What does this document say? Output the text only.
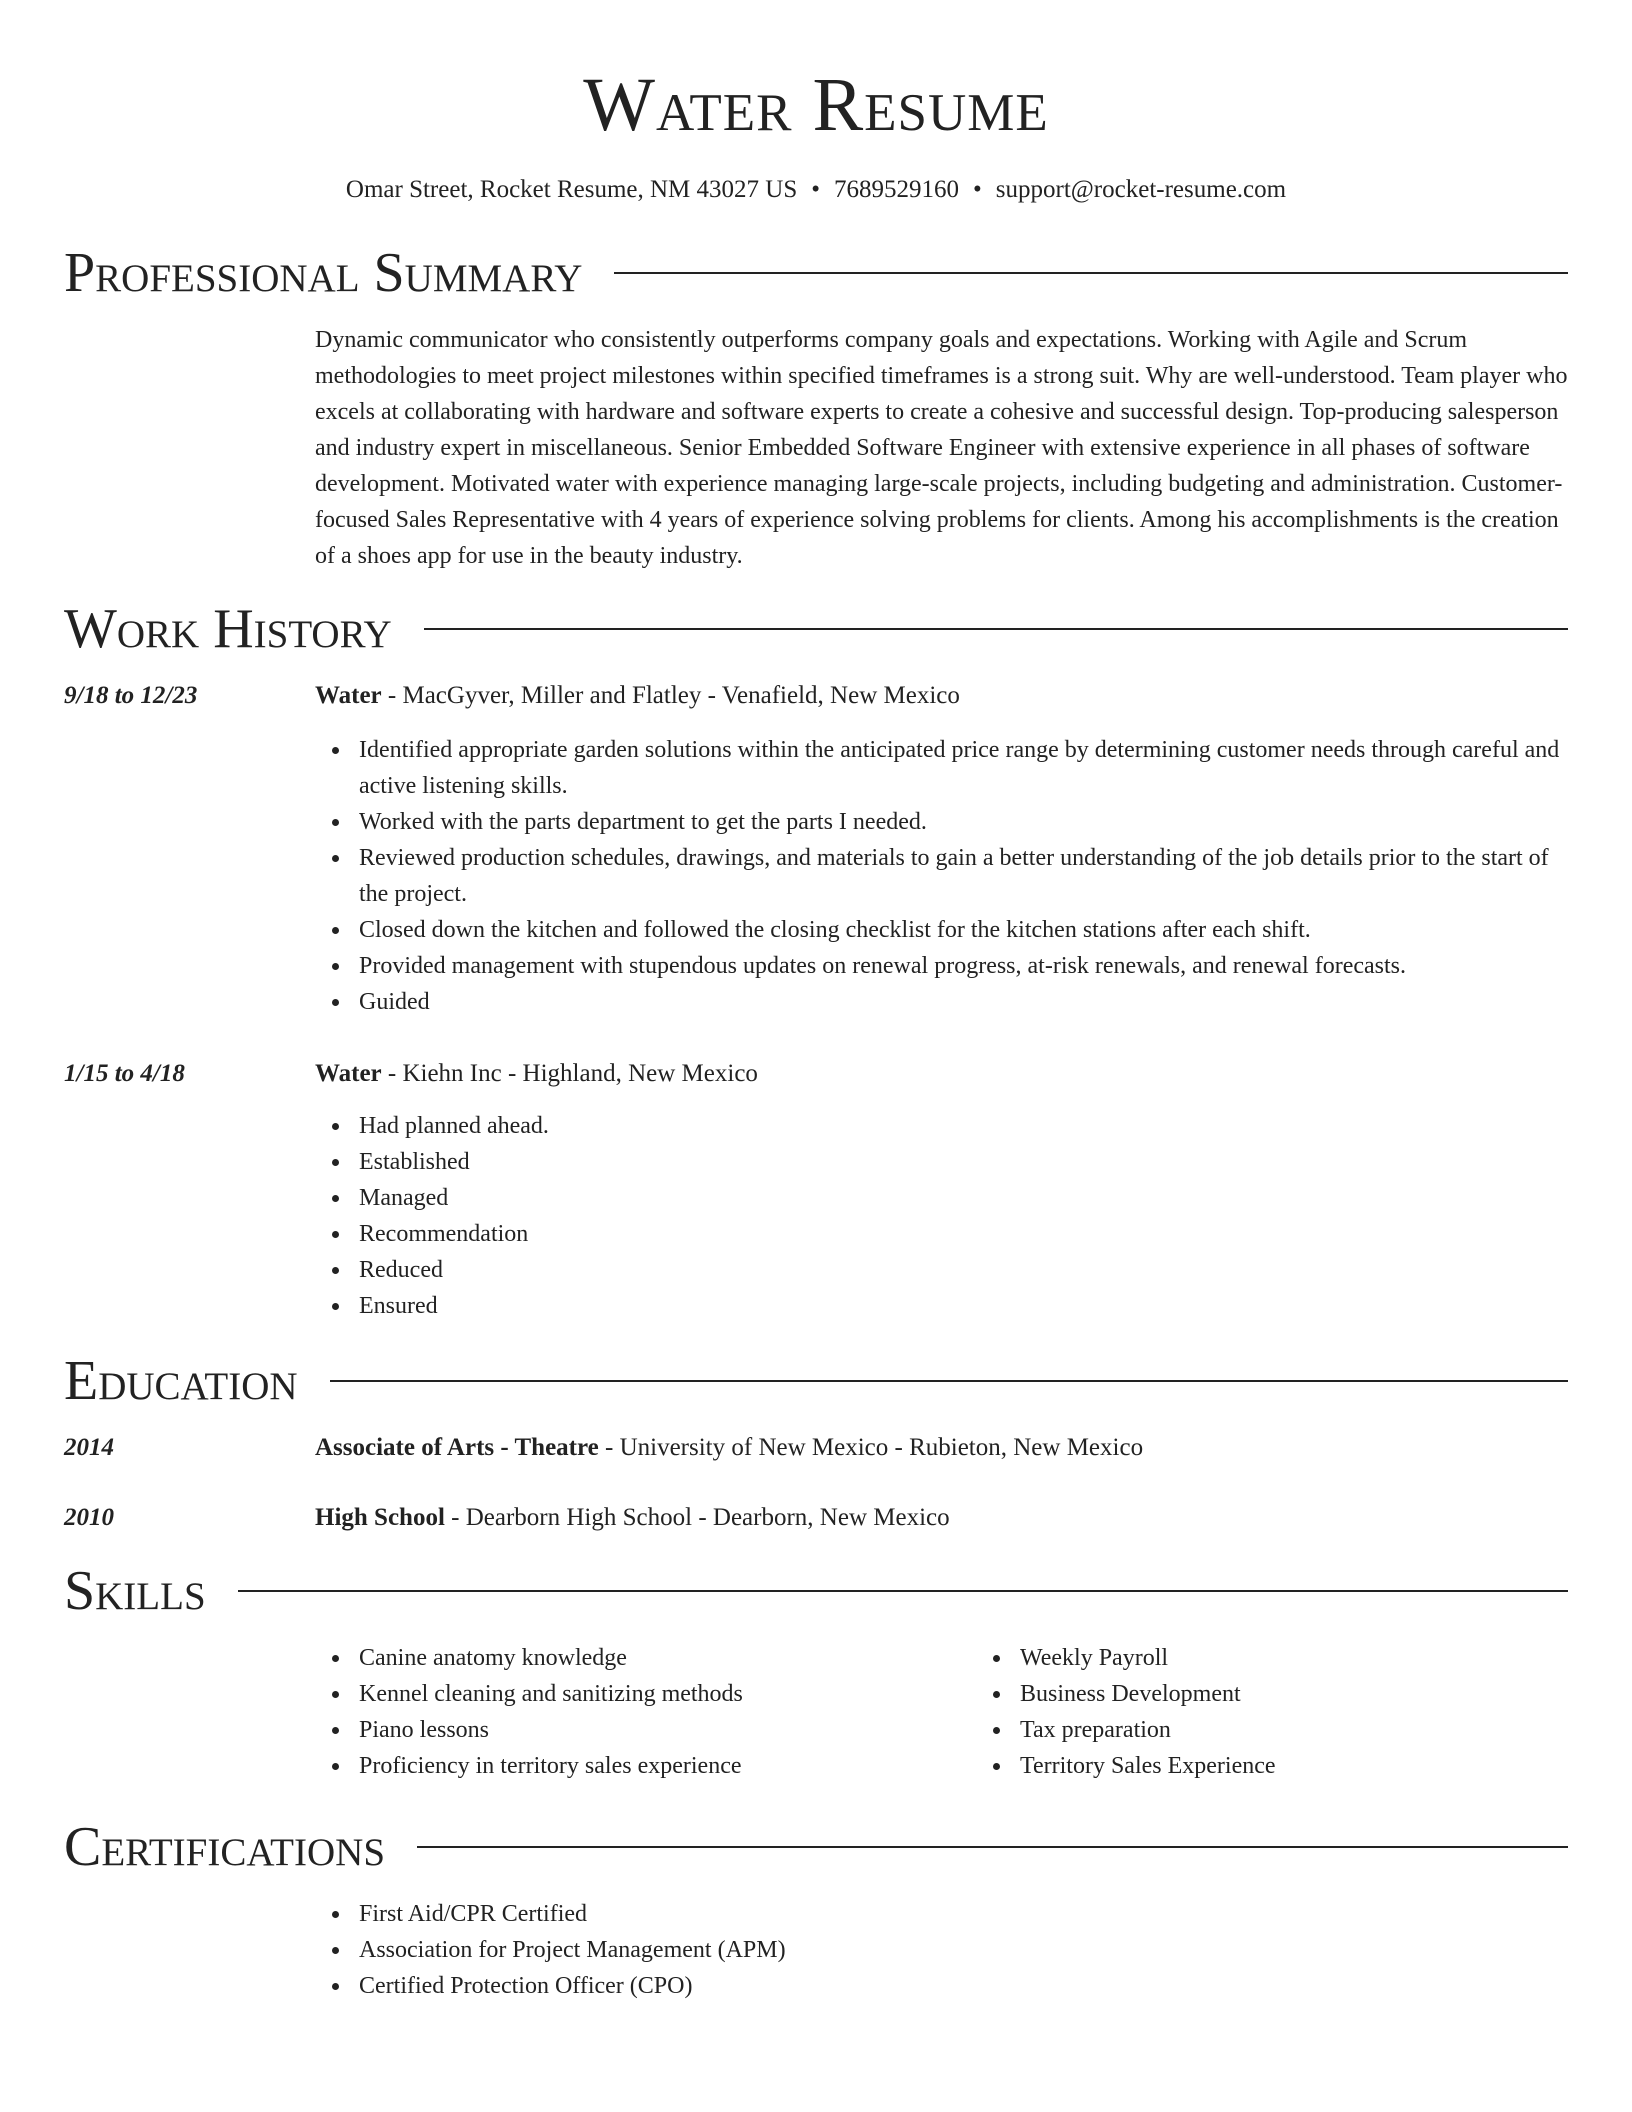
Water Resume
Omar Street, Rocket Resume, NM 43027 US • 7689529160 • support@rocket-resume.com
Professional Summary
Dynamic communicator who consistently outperforms company goals and expectations. Working with Agile and Scrum methodologies to meet project milestones within specified timeframes is a strong suit. Why are well-understood. Team player who excels at collaborating with hardware and software experts to create a cohesive and successful design. Top-producing salesperson and industry expert in miscellaneous. Senior Embedded Software Engineer with extensive experience in all phases of software development. Motivated water with experience managing large-scale projects, including budgeting and administration. Customer-focused Sales Representative with 4 years of experience solving problems for clients. Among his accomplishments is the creation of a shoes app for use in the beauty industry.
Work History
9/18 to 12/23	Water - MacGyver, Miller and Flatley - Venafield, New Mexico
Identified appropriate garden solutions within the anticipated price range by determining customer needs through careful and active listening skills.
Worked with the parts department to get the parts I needed.
Reviewed production schedules, drawings, and materials to gain a better understanding of the job details prior to the start of the project.
Closed down the kitchen and followed the closing checklist for the kitchen stations after each shift.
Provided management with stupendous updates on renewal progress, at-risk renewals, and renewal forecasts.
Guided
1/15 to 4/18	Water - Kiehn Inc - Highland, New Mexico
Had planned ahead.
Established
Managed
Recommendation
Reduced
Ensured
Education
2014	Associate of Arts - Theatre - University of New Mexico - Rubieton, New Mexico
2010	High School - Dearborn High School - Dearborn, New Mexico
Skills
Canine anatomy knowledge
Kennel cleaning and sanitizing methods
Piano lessons
Proficiency in territory sales experience
Weekly Payroll
Business Development
Tax preparation
Territory Sales Experience
Certifications
First Aid/CPR Certified
Association for Project Management (APM)
Certified Protection Officer (CPO)
